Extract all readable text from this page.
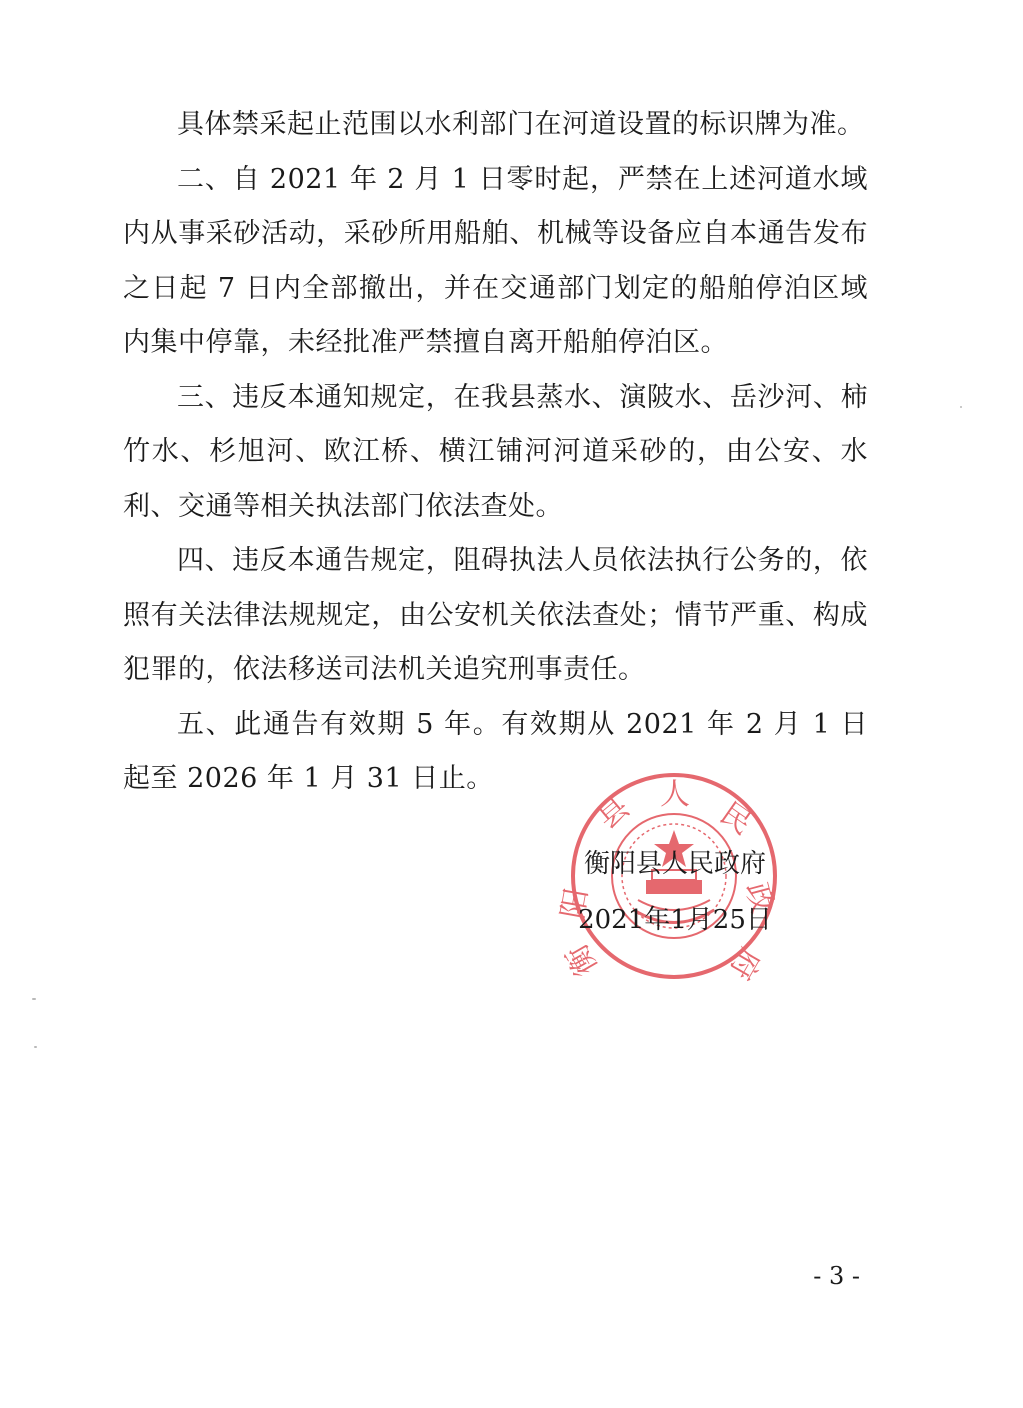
具体禁采起止范围以水利部门在河道设置的标识牌为准。

二、自 2021 年 2 月 1 日零时起，严禁在上述河道水域内从事采砂活动，采砂所用船舶、机械等设备应自本通告发布之日起 7 日内全部撤出，并在交通部门划定的船舶停泊区域内集中停靠，未经批准严禁擅自离开船舶停泊区。

三、违反本通知规定，在我县蒸水、演陂水、岳沙河、柿竹水、杉旭河、欧江桥、横江铺河河道采砂的，由公安、水利、交通等相关执法部门依法查处。

四、违反本通告规定，阻碍执法人员依法执行公务的，依照有关法律法规规定，由公安机关依法查处；情节严重、构成犯罪的，依法移送司法机关追究刑事责任。

五、此通告有效期 5 年。有效期从 2021 年 2 月 1 日起至 2026 年 1 月 31 日止。

县 人
民
阳	政
衡	府
衡阳县人民政府
2021年1月25日
- 3 -
